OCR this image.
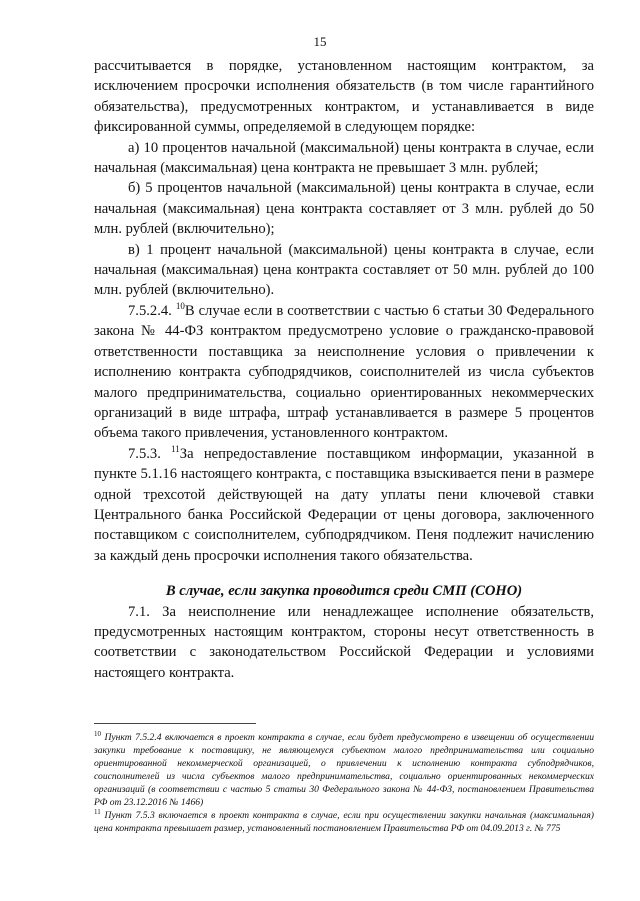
15

рассчитывается в порядке, установленном настоящим контрактом, за исключением просрочки исполнения обязательств (в том числе гарантийного обязательства), предусмотренных контрактом, и устанавливается в виде фиксированной суммы, определяемой в следующем порядке:

а) 10 процентов начальной (максимальной) цены контракта в случае, если начальная (максимальная) цена контракта не превышает 3 млн. рублей;

б) 5 процентов начальной (максимальной) цены контракта в случае, если начальная (максимальная) цена контракта составляет от 3 млн. рублей до 50 млн. рублей (включительно);

в) 1 процент начальной (максимальной) цены контракта в случае, если начальная (максимальная) цена контракта составляет от 50 млн. рублей до 100 млн. рублей (включительно).

7.5.2.4. $^{10}$В случае если в соответствии с частью 6 статьи 30 Федерального закона № 44-ФЗ контрактом предусмотрено условие о гражданско-правовой ответственности поставщика за неисполнение условия о привлечении к исполнению контракта субподрядчиков, соисполнителей из числа субъектов малого предпринимательства, социально ориентированных некоммерческих организаций в виде штрафа, штраф устанавливается в размере 5 процентов объема такого привлечения, установленного контрактом.

7.5.3. $^{11}$За непредоставление поставщиком информации, указанной в пункте 5.1.16 настоящего контракта, с поставщика взыскивается пени в размере одной трехсотой действующей на дату уплаты пени ключевой ставки Центрального банка Российской Федерации от цены договора, заключенного поставщиком с соисполнителем, субподрядчиком. Пеня подлежит начислению за каждый день просрочки исполнения такого обязательства.

В случае, если закупка проводится среди СМП (СОНО)

7.1. За неисполнение или ненадлежащее исполнение обязательств, предусмотренных настоящим контрактом, стороны несут ответственность в соответствии с законодательством Российской Федерации и условиями настоящего контракта.

$^{10}$ Пункт 7.5.2.4 включается в проект контракта в случае, если будет предусмотрено в извещении об осуществлении закупки требование к поставщику, не являющемуся субъектом малого предпринимательства или социально ориентированной некоммерческой организацией, о привлечении к исполнению контракта субподрядчиков, соисполнителей из числа субъектов малого предпринимательства, социально ориентированных некоммерческих организаций (в соответствии с частью 5 статьи 30 Федерального закона № 44-ФЗ, постановлением Правительства РФ от 23.12.2016 № 1466)

$^{11}$ Пункт 7.5.3 включается в проект контракта в случае, если при осуществлении закупки начальная (максимальная) цена контракта превышает размер, установленный постановлением Правительства РФ от 04.09.2013 г. № 775
